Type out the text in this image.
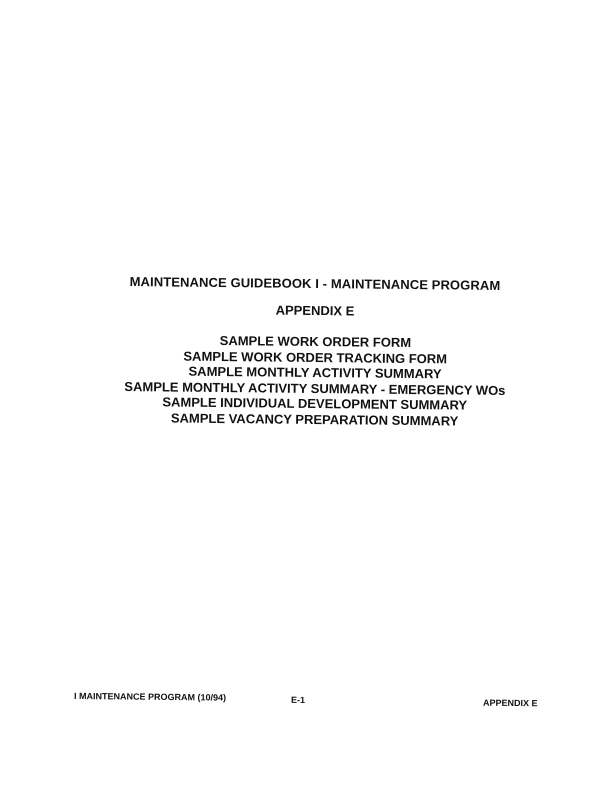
MAINTENANCE GUIDEBOOK I - MAINTENANCE PROGRAM
APPENDIX E
SAMPLE WORK ORDER FORM
SAMPLE WORK ORDER TRACKING FORM
SAMPLE MONTHLY ACTIVITY SUMMARY
SAMPLE MONTHLY ACTIVITY SUMMARY - EMERGENCY WOs
SAMPLE INDIVIDUAL DEVELOPMENT SUMMARY
SAMPLE VACANCY PREPARATION SUMMARY
I MAINTENANCE PROGRAM (10/94)	E-1	APPENDIX E
